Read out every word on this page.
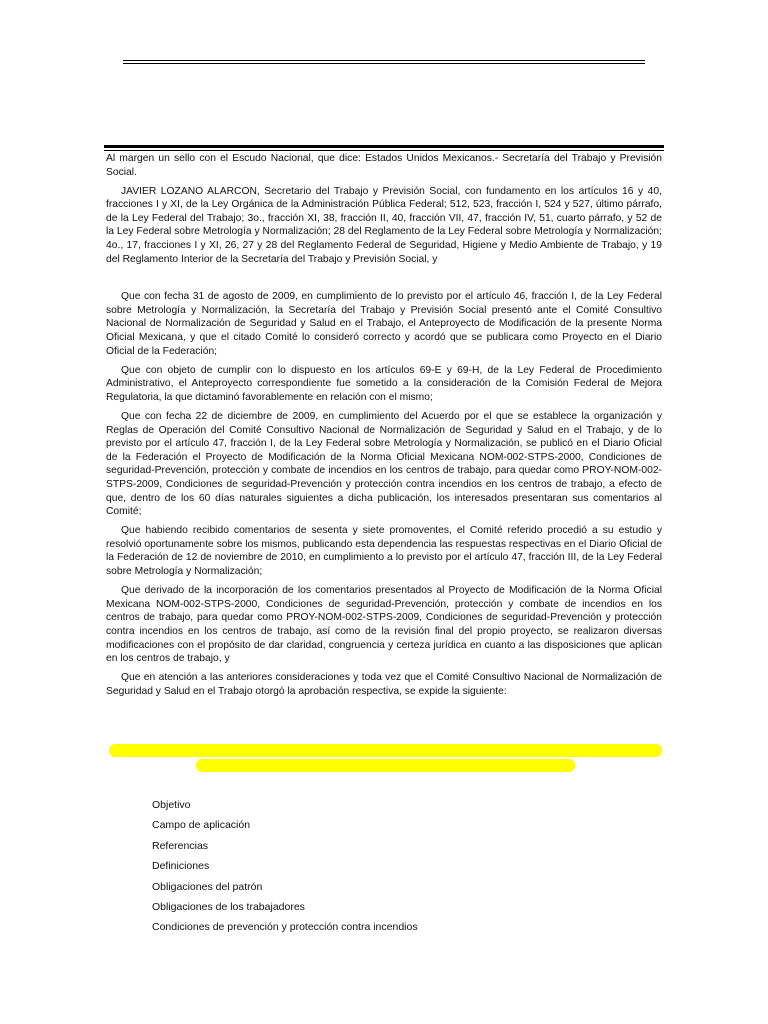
Al margen un sello con el Escudo Nacional, que dice: Estados Unidos Mexicanos.- Secretaría del Trabajo y Previsión Social.

JAVIER LOZANO ALARCON, Secretario del Trabajo y Previsión Social, con fundamento en los artículos 16 y 40, fracciones I y XI, de la Ley Orgánica de la Administración Pública Federal; 512, 523, fracción I, 524 y 527, último párrafo, de la Ley Federal del Trabajo; 3o., fracción XI, 38, fracción II, 40, fracción VII, 47, fracción IV, 51, cuarto párrafo, y 52 de la Ley Federal sobre Metrología y Normalización; 28 del Reglamento de la Ley Federal sobre Metrología y Normalización; 4o., 17, fracciones I y XI, 26, 27 y 28 del Reglamento Federal de Seguridad, Higiene y Medio Ambiente de Trabajo, y 19 del Reglamento Interior de la Secretaría del Trabajo y Previsión Social, y

Que con fecha 31 de agosto de 2009, en cumplimiento de lo previsto por el artículo 46, fracción I, de la Ley Federal sobre Metrología y Normalización, la Secretaría del Trabajo y Previsión Social presentó ante el Comité Consultivo Nacional de Normalización de Seguridad y Salud en el Trabajo, el Anteproyecto de Modificación de la presente Norma Oficial Mexicana, y que el citado Comité lo consideró correcto y acordó que se publicara como Proyecto en el Diario Oficial de la Federación;

Que con objeto de cumplir con lo dispuesto en los artículos 69-E y 69-H, de la Ley Federal de Procedimiento Administrativo, el Anteproyecto correspondiente fue sometido a la consideración de la Comisión Federal de Mejora Regulatoria, la que dictaminó favorablemente en relación con el mismo;

Que con fecha 22 de diciembre de 2009, en cumplimiento del Acuerdo por el que se establece la organización y Reglas de Operación del Comité Consultivo Nacional de Normalización de Seguridad y Salud en el Trabajo, y de lo previsto por el artículo 47, fracción I, de la Ley Federal sobre Metrología y Normalización, se publicó en el Diario Oficial de la Federación el Proyecto de Modificación de la Norma Oficial Mexicana NOM-002-STPS-2000, Condiciones de seguridad-Prevención, protección y combate de incendios en los centros de trabajo, para quedar como PROY-NOM-002-STPS-2009, Condiciones de seguridad-Prevención y protección contra incendios en los centros de trabajo, a efecto de que, dentro de los 60 días naturales siguientes a dicha publicación, los interesados presentaran sus comentarios al Comité;

Que habiendo recibido comentarios de sesenta y siete promoventes, el Comité referido procedió a su estudio y resolvió oportunamente sobre los mismos, publicando esta dependencia las respuestas respectivas en el Diario Oficial de la Federación de 12 de noviembre de 2010, en cumplimiento a lo previsto por el artículo 47, fracción III, de la Ley Federal sobre Metrología y Normalización;

Que derivado de la incorporación de los comentarios presentados al Proyecto de Modificación de la Norma Oficial Mexicana NOM-002-STPS-2000, Condiciones de seguridad-Prevención, protección y combate de incendios en los centros de trabajo, para quedar como PROY-NOM-002-STPS-2009, Condiciones de seguridad-Prevención y protección contra incendios en los centros de trabajo, así como de la revisión final del propio proyecto, se realizaron diversas modificaciones con el propósito de dar claridad, congruencia y certeza jurídica en cuanto a las disposiciones que aplican en los centros de trabajo, y

Que en atención a las anteriores consideraciones y toda vez que el Comité Consultivo Nacional de Normalización de Seguridad y Salud en el Trabajo otorgó la aprobación respectiva, se expide la siguiente:

Objetivo
Campo de aplicación
Referencias
Definiciones
Obligaciones del patrón
Obligaciones de los trabajadores
Condiciones de prevención y protección contra incendios
